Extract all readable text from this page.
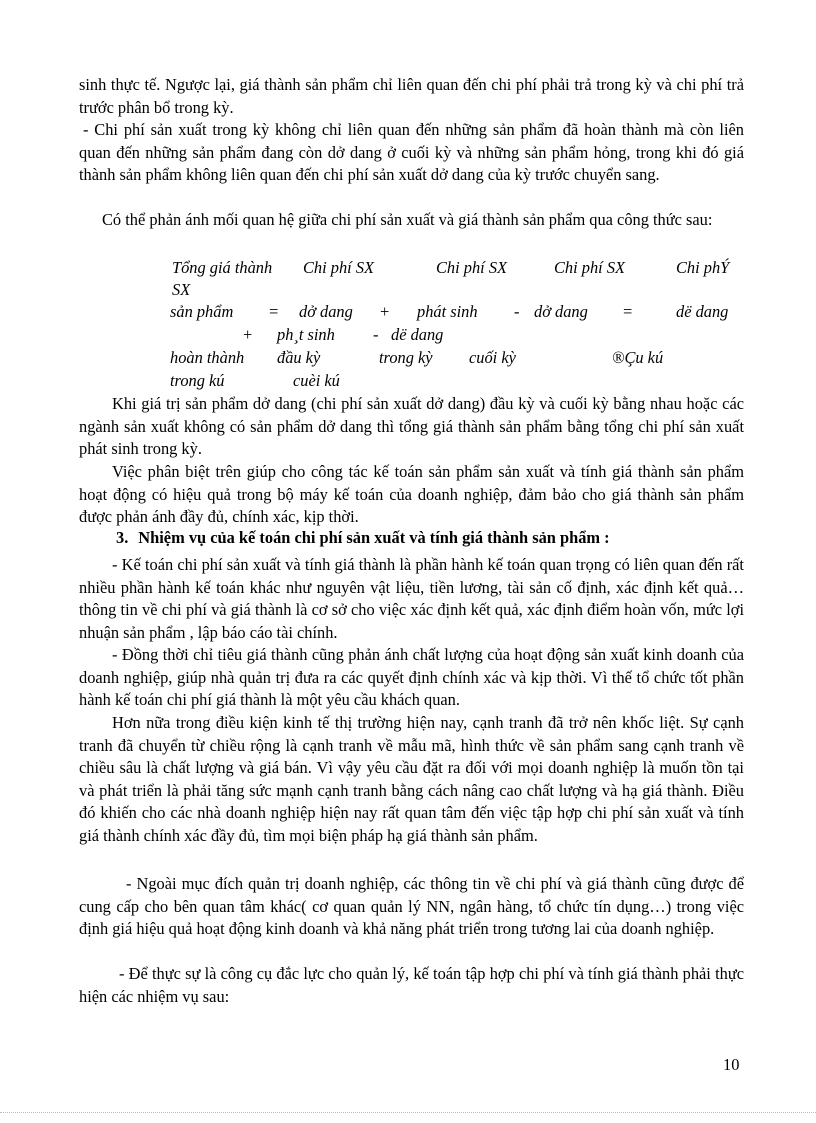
sinh thực tế. Ngược lại, giá thành sản phẩm chỉ liên quan đến chi phí phải trả trong kỳ và chi phí trả trước phân bổ trong kỳ.

- Chi phí sản xuất trong kỳ không chỉ liên quan đến những sản phẩm đã hoàn thành mà còn liên quan đến những sản phẩm đang còn dở dang ở cuối kỳ và những sản phẩm hỏng, trong khi đó giá thành sản phẩm không liên quan đến chi phí sản xuất dở dang của kỳ trước chuyển sang.

Có thể phản ánh mối quan hệ giữa chi phí sản xuất và giá thành sản phẩm qua công thức sau:

Tổng giá thành Chi phí SX	Chi phí SX	Chi phí SX	Chi phÝ
SX
sản phẩm = dở dang + phát sinh - dở dang =	dë dang
+ ph¸t sinh - dë dang
hoàn thành đầu kỳ	trong kỳ cuối kỳ	®Çu kú
trong kú	cuèi kú

Khi giá trị sản phẩm dở dang (chi phí sản xuất dở dang) đầu kỳ và cuối kỳ bằng nhau hoặc các ngành sản xuất không có sản phẩm dở dang thì tổng giá thành sản phẩm bằng tổng chi phí sản xuất phát sinh trong kỳ.

Việc phân biệt trên giúp cho công tác kế toán sản phẩm sản xuất và tính giá thành sản phẩm hoạt động có hiệu quả trong bộ máy kế toán của doanh nghiệp, đảm bảo cho giá thành sản phẩm được phản ánh đầy đủ, chính xác, kịp thời.

3. Nhiệm vụ của kế toán chi phí sản xuất và tính giá thành sản phẩm :

- Kế toán chi phí sản xuất và tính giá thành là phần hành kế toán quan trọng có liên quan đến rất nhiều phần hành kế toán khác như nguyên vật liệu, tiền lương, tài sản cố định, xác định kết quả… thông tin về chi phí và giá thành là cơ sở cho việc xác định kết quả, xác định điểm hoàn vốn, mức lợi nhuận sản phẩm , lập báo cáo tài chính.

- Đồng thời chỉ tiêu giá thành cũng phản ánh chất lượng của hoạt động sản xuất kinh doanh của doanh nghiệp, giúp nhà quản trị đưa ra các quyết định chính xác và kịp thời. Vì thế tổ chức tốt phần hành kế toán chi phí giá thành là một yêu cầu khách quan.

Hơn nữa trong điều kiện kinh tế thị trường hiện nay, cạnh tranh đã trở nên khốc liệt. Sự cạnh tranh đã chuyển từ chiều rộng là cạnh tranh về mẫu mã, hình thức về sản phẩm sang cạnh tranh về chiều sâu là chất lượng và giá bán. Vì vậy yêu cầu đặt ra đối với mọi doanh nghiệp là muốn tồn tại và phát triển là phải tăng sức mạnh cạnh tranh bằng cách nâng cao chất lượng và hạ giá thành. Điều đó khiến cho các nhà doanh nghiệp hiện nay rất quan tâm đến việc tập hợp chi phí sản xuất và tính giá thành chính xác đầy đủ, tìm mọi biện pháp hạ giá thành sản phẩm.

- Ngoài mục đích quản trị doanh nghiệp, các thông tin về chi phí và giá thành cũng được để cung cấp cho bên quan tâm khác( cơ quan quản lý NN, ngân hàng, tổ chức tín dụng…) trong việc định giá hiệu quả hoạt động kinh doanh và khả năng phát triển trong tương lai của doanh nghiệp.

- Để thực sự là công cụ đắc lực cho quản lý, kế toán tập hợp chi phí và tính giá thành phải thực hiện các nhiệm vụ sau:

10
